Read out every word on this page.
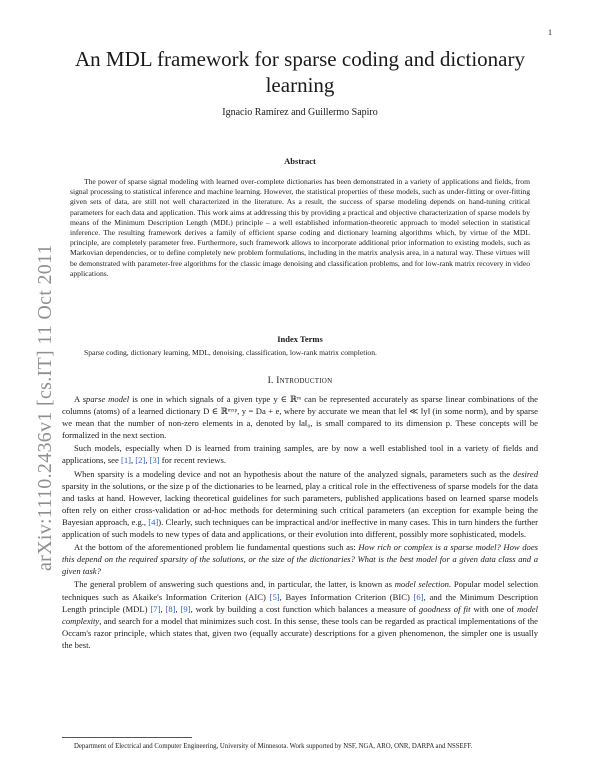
1
arXiv:1110.2436v1 [cs.IT] 11 Oct 2011
An MDL framework for sparse coding and dictionary learning
Ignacio Ramírez and Guillermo Sapiro
Abstract

The power of sparse signal modeling with learned over-complete dictionaries has been demonstrated in a variety of applications and fields, from signal processing to statistical inference and machine learning. However, the statistical properties of these models, such as under-fitting or over-fitting given sets of data, are still not well characterized in the literature. As a result, the success of sparse modeling depends on hand-tuning critical parameters for each data and application. This work aims at addressing this by providing a practical and objective characterization of sparse models by means of the Minimum Description Length (MDL) principle – a well established information-theoretic approach to model selection in statistical inference. The resulting framework derives a family of efficient sparse coding and dictionary learning algorithms which, by virtue of the MDL principle, are completely parameter free. Furthermore, such framework allows to incorporate additional prior information to existing models, such as Markovian dependencies, or to define completely new problem formulations, including in the matrix analysis area, in a natural way. These virtues will be demonstrated with parameter-free algorithms for the classic image denoising and classification problems, and for low-rank matrix recovery in video applications.

Index Terms

Sparse coding, dictionary learning, MDL, denoising, classification, low-rank matrix completion.

I. Introduction

A sparse model is one in which signals of a given type y ∈ ℝᵐ can be represented accurately as sparse linear combinations of the columns (atoms) of a learned dictionary D ∈ ℝᵐˣᵖ, y = Da + e, where by accurate we mean that ‖e‖ ≪ ‖y‖ (in some norm), and by sparse we mean that the number of non-zero elements in a, denoted by ‖a‖₀, is small compared to its dimension p. These concepts will be formalized in the next section.

Such models, especially when D is learned from training samples, are by now a well established tool in a variety of fields and applications, see [1], [2], [3] for recent reviews.

When sparsity is a modeling device and not an hypothesis about the nature of the analyzed signals, parameters such as the desired sparsity in the solutions, or the size p of the dictionaries to be learned, play a critical role in the effectiveness of sparse models for the data and tasks at hand. However, lacking theoretical guidelines for such parameters, published applications based on learned sparse models often rely on either cross-validation or ad-hoc methods for determining such critical parameters (an exception for example being the Bayesian approach, e.g., [4]). Clearly, such techniques can be impractical and/or ineffective in many cases. This in turn hinders the further application of such models to new types of data and applications, or their evolution into different, possibly more sophisticated, models.

At the bottom of the aforementioned problem lie fundamental questions such as: How rich or complex is a sparse model? How does this depend on the required sparsity of the solutions, or the size of the dictionaries? What is the best model for a given data class and a given task?

The general problem of answering such questions and, in particular, the latter, is known as model selection. Popular model selection techniques such as Akaike's Information Criterion (AIC) [5], Bayes Information Criterion (BIC) [6], and the Minimum Description Length principle (MDL) [7], [8], [9], work by building a cost function which balances a measure of goodness of fit with one of model complexity, and search for a model that minimizes such cost. In this sense, these tools can be regarded as practical implementations of the Occam's razor principle, which states that, given two (equally accurate) descriptions for a given phenomenon, the simpler one is usually the best.

Department of Electrical and Computer Engineering, University of Minnesota. Work supported by NSF, NGA, ARO, ONR, DARPA and NSSEFF.
